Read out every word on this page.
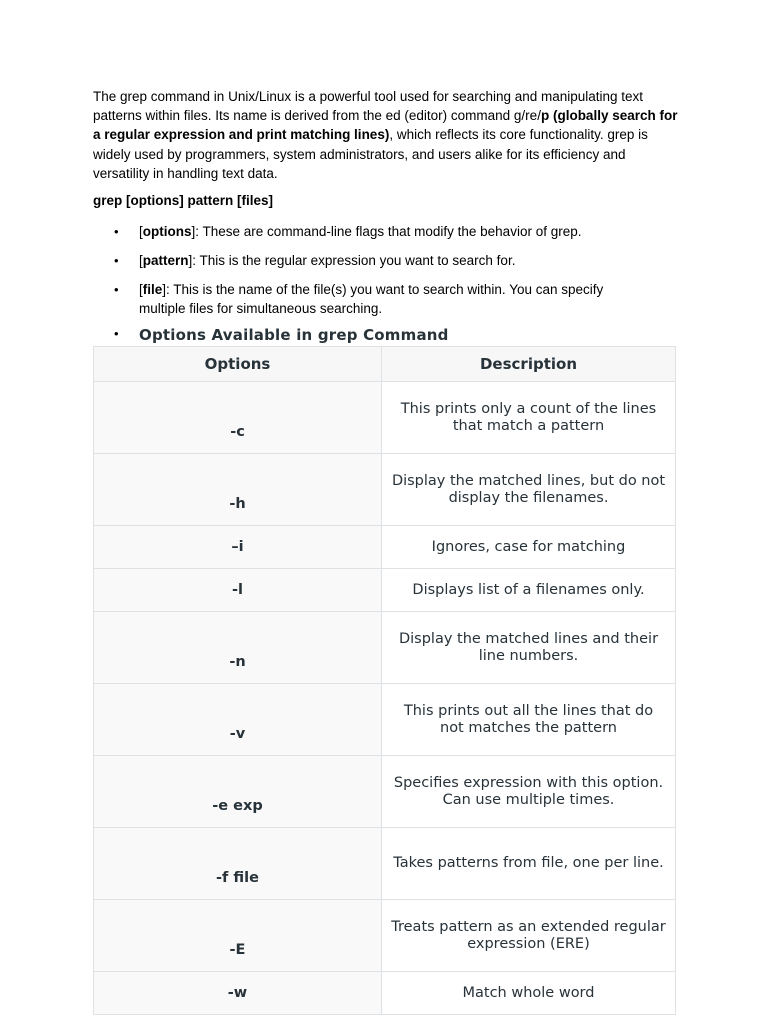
The grep command in Unix/Linux is a powerful tool used for searching and manipulating text patterns within files. Its name is derived from the ed (editor) command g/re/p (globally search for a regular expression and print matching lines), which reflects its core functionality. grep is widely used by programmers, system administrators, and users alike for its efficiency and versatility in handling text data.

grep [options] pattern [files]

• [options]: These are command-line flags that modify the behavior of grep.
• [pattern]: This is the regular expression you want to search for.
• [file]: This is the name of the file(s) you want to search within. You can specify multiple files for simultaneous searching.
• Options Available in grep Command
Options	Description
-c	This prints only a count of the lines that match a pattern
-h	Display the matched lines, but do not display the filenames.
–i	Ignores, case for matching
-l	Displays list of a filenames only.
-n	Display the matched lines and their line numbers.
-v	This prints out all the lines that do not matches the pattern
-e exp	Specifies expression with this option. Can use multiple times.
-f file	Takes patterns from file, one per line.
-E	Treats pattern as an extended regular expression (ERE)
-w	Match whole word
